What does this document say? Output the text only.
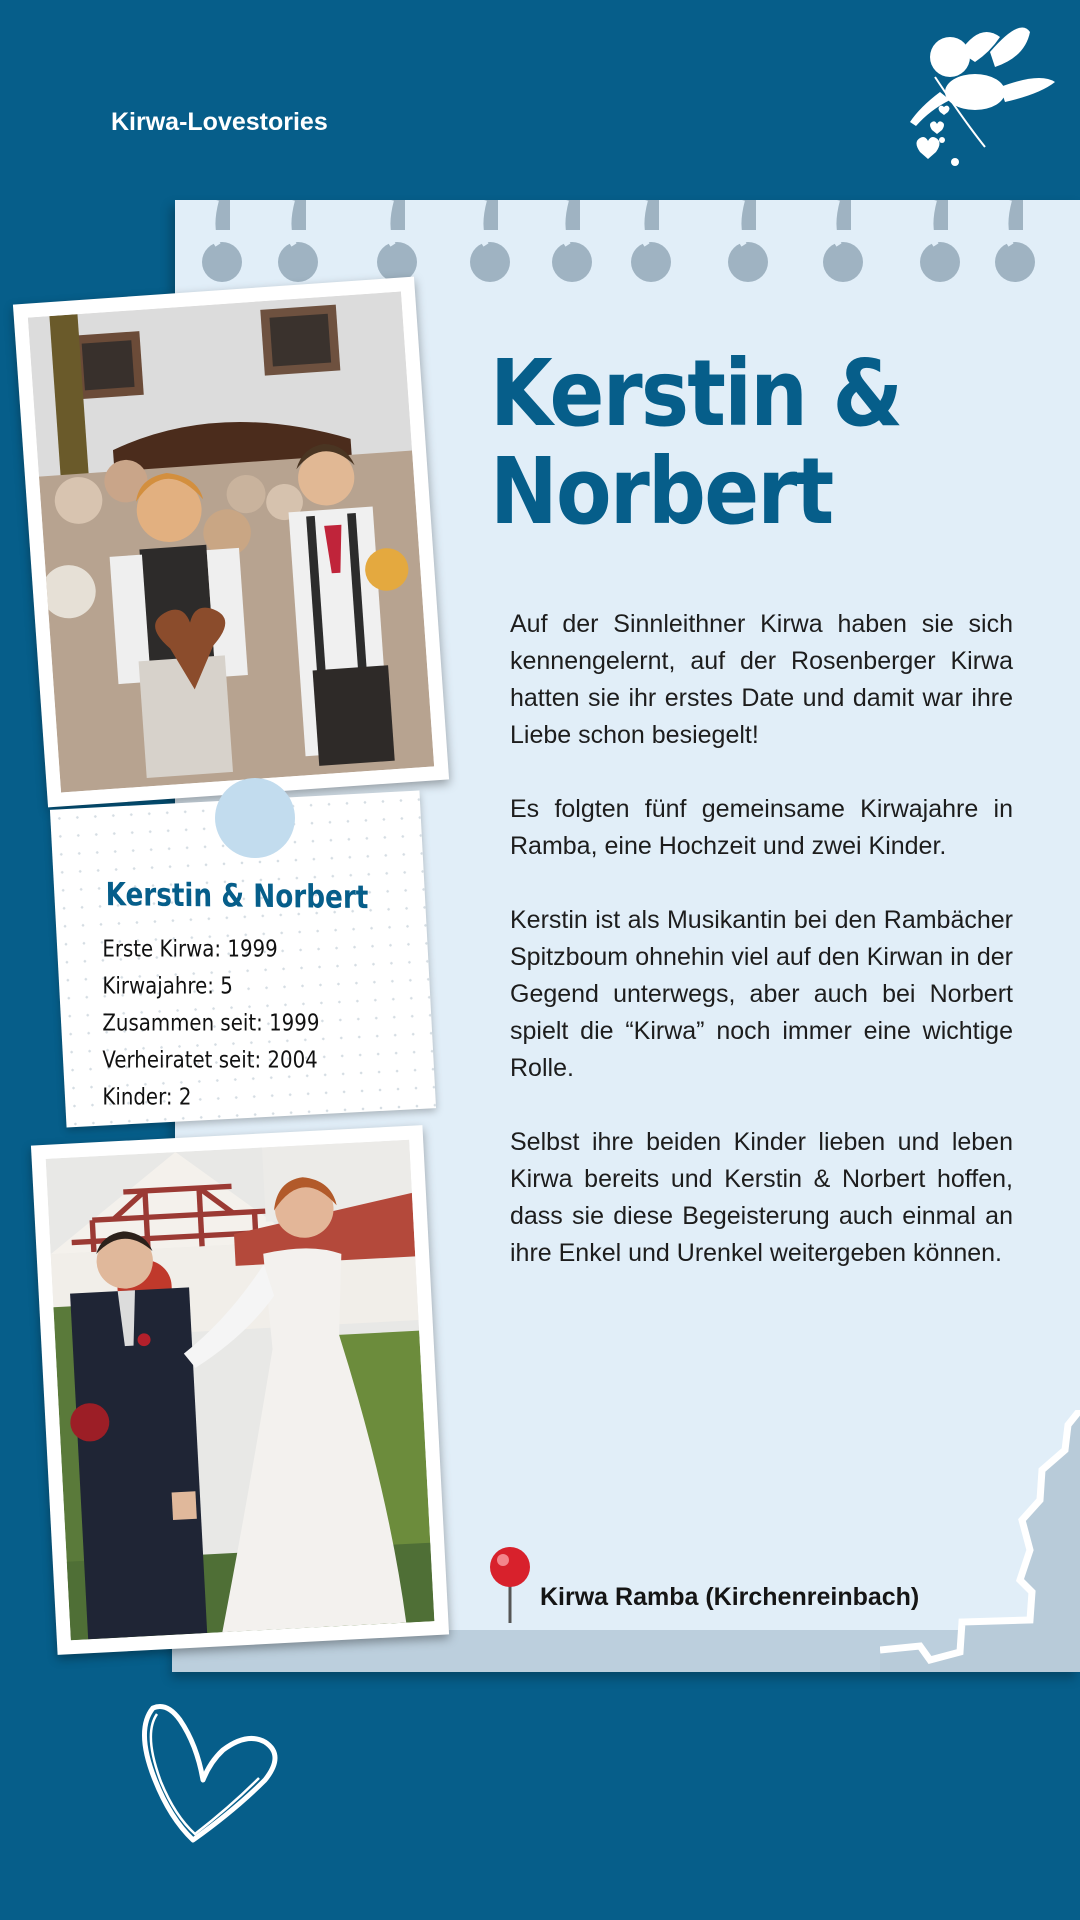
Kirwa-Lovestories
Kerstin &
Norbert

Auf der Sinnleithner Kirwa haben sie sich kennengelernt, auf der Rosenberger Kirwa hatten sie ihr erstes Date und damit war ihre Liebe schon besiegelt!

Es folgten fünf gemeinsame Kirwajahre in Ramba, eine Hochzeit und zwei Kinder.

Kerstin ist als Musikantin bei den Rambächer Spitzboum ohnehin viel auf den Kirwan in der Gegend unterwegs, aber auch bei Norbert spielt die “Kirwa” noch immer eine wichtige Rolle.

Selbst ihre beiden Kinder lieben und leben Kirwa bereits und Kerstin & Norbert hoffen, dass sie diese Begeisterung auch einmal an ihre Enkel und Urenkel weitergeben können.

Kirwa Ramba (Kirchenreinbach)
Kerstin & Norbert
Erste Kirwa: 1999
Kirwajahre: 5
Zusammen seit: 1999
Verheiratet seit: 2004
Kinder: 2
